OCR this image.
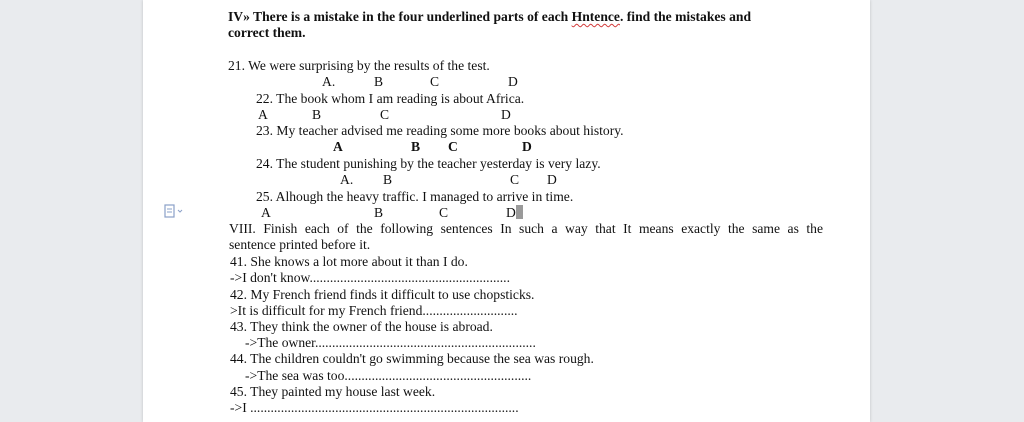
IV» There is a mistake in the four underlined parts of each Hntence. find the mistakes and
correct them.
21. We were surprising by the results of the test.
A.	B	C	D
22. The book whom I am reading is about Africa.
A	B	C	D
23. My teacher advised me reading some more books about history.
A	B C	D
24. The student punishing by the teacher yesterday is very lazy.
A. B	C D
25. Alhough the heavy traffic. I managed to arrive in time.
A	B	C	D
VIII. Finish each of the following sentences In such a way that It means exactly the same as the
sentence printed before it.
41. She knows a lot more about it than I do.
->I don't know...........................................................
42. My French friend finds it difficult to use chopsticks.
>It is difficult for my French friend............................
43. They think the owner of the house is abroad.
->The owner.................................................................
44. The children couldn't go swimming because the sea was rough.
->The sea was too.......................................................
45. They painted my house last week.
->I ...............................................................................
